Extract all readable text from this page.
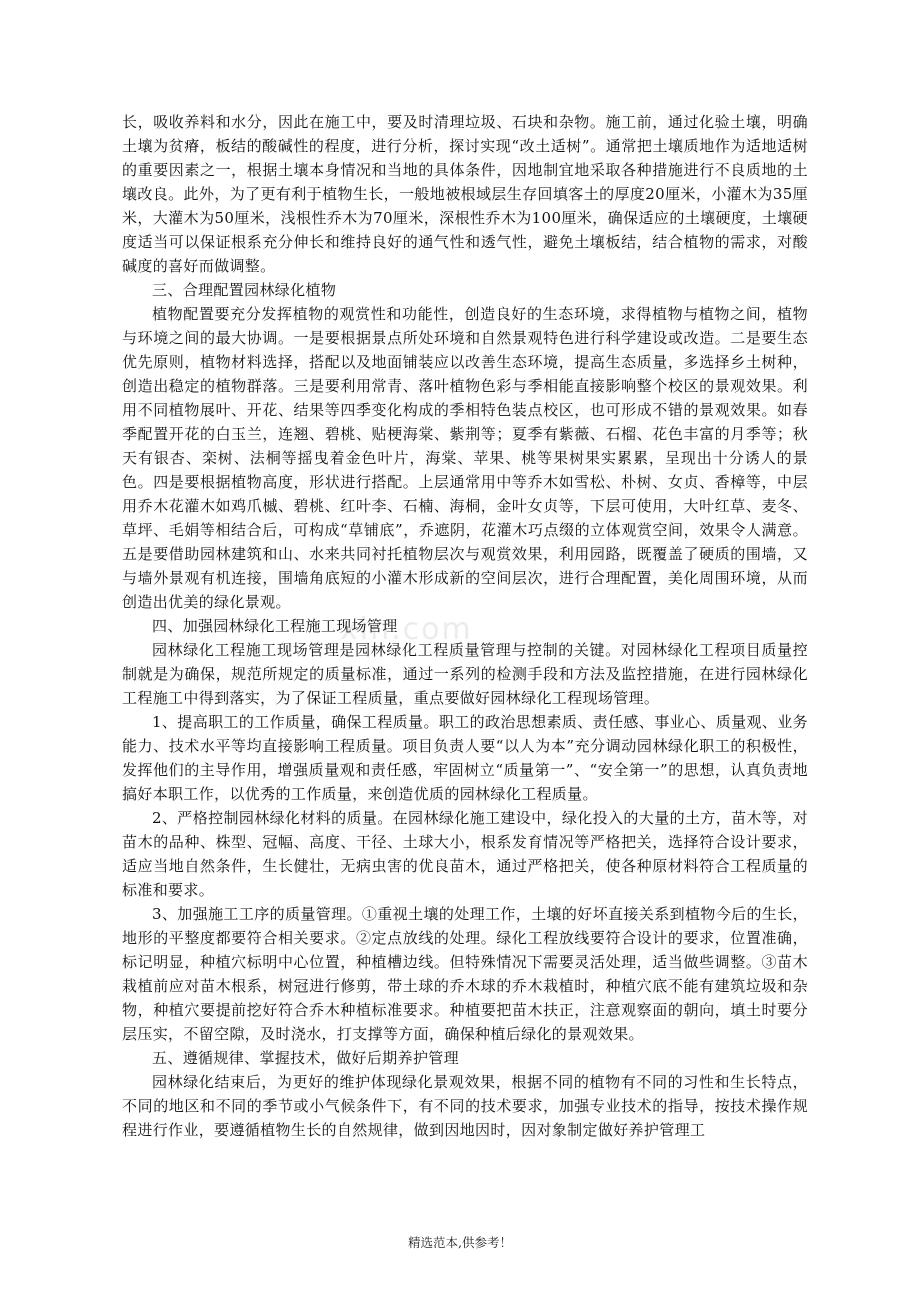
xin.com

长，吸收养料和水分，因此在施工中，要及时清理垃圾、石块和杂物。施工前，通过化验土壤，明确土壤为贫瘠，板结的酸碱性的程度，进行分析，探讨实现“改土适树”。通常把土壤质地作为适地适树的重要因素之一，根据土壤本身情况和当地的具体条件，因地制宜地采取各种措施进行不良质地的土壤改良。此外，为了更有利于植物生长，一般地被根域层生存回填客土的厚度20厘米，小灌木为35厘米，大灌木为50厘米，浅根性乔木为70厘米，深根性乔木为100厘米，确保适应的土壤硬度，土壤硬度适当可以保证根系充分伸长和维持良好的通气性和透气性，避免土壤板结，结合植物的需求，对酸碱度的喜好而做调整。

三、合理配置园林绿化植物

植物配置要充分发挥植物的观赏性和功能性，创造良好的生态环境，求得植物与植物之间，植物与环境之间的最大协调。一是要根据景点所处环境和自然景观特色进行科学建设或改造。二是要生态优先原则，植物材料选择，搭配以及地面铺装应以改善生态环境，提高生态质量，多选择乡土树种，创造出稳定的植物群落。三是要利用常青、落叶植物色彩与季相能直接影响整个校区的景观效果。利用不同植物展叶、开花、结果等四季变化构成的季相特色装点校区，也可形成不错的景观效果。如春季配置开花的白玉兰，连翘、碧桃、贴梗海棠、紫荆等；夏季有紫薇、石榴、花色丰富的月季等；秋天有银杏、栾树、法桐等摇曳着金色叶片，海棠、苹果、桃等果树果实累累，呈现出十分诱人的景色。四是要根据植物高度，形状进行搭配。上层通常用中等乔木如雪松、朴树、女贞、香樟等，中层用乔木花灌木如鸡爪槭、碧桃、红叶李、石楠、海桐，金叶女贞等，下层可使用，大叶红草、麦冬、草坪、毛娟等相结合后，可构成“草铺底”，乔遮阴，花灌木巧点缀的立体观赏空间，效果令人满意。五是要借助园林建筑和山、水来共同衬托植物层次与观赏效果，利用园路，既覆盖了硬质的围墙，又与墙外景观有机连接，围墙角底短的小灌木形成新的空间层次，进行合理配置，美化周围环境，从而创造出优美的绿化景观。

四、加强园林绿化工程施工现场管理

园林绿化工程施工现场管理是园林绿化工程质量管理与控制的关键。对园林绿化工程项目质量控制就是为确保，规范所规定的质量标准，通过一系列的检测手段和方法及监控措施，在进行园林绿化工程施工中得到落实，为了保证工程质量，重点要做好园林绿化工程现场管理。

1、提高职工的工作质量，确保工程质量。职工的政治思想素质、责任感、事业心、质量观、业务能力、技术水平等均直接影响工程质量。项目负责人要“以人为本”充分调动园林绿化职工的积极性，发挥他们的主导作用，增强质量观和责任感，牢固树立“质量第一”、“安全第一”的思想，认真负责地搞好本职工作，以优秀的工作质量，来创造优质的园林绿化工程质量。

2、严格控制园林绿化材料的质量。在园林绿化施工建设中，绿化投入的大量的土方，苗木等，对苗木的品种、株型、冠幅、高度、干径、土球大小，根系发育情况等严格把关，选择符合设计要求，适应当地自然条件，生长健壮，无病虫害的优良苗木，通过严格把关，使各种原材料符合工程质量的标准和要求。

3、加强施工工序的质量管理。①重视土壤的处理工作，土壤的好坏直接关系到植物今后的生长，地形的平整度都要符合相关要求。②定点放线的处理。绿化工程放线要符合设计的要求，位置准确，标记明显，种植穴标明中心位置，种植槽边线。但特殊情况下需要灵活处理，适当做些调整。③苗木栽植前应对苗木根系，树冠进行修剪，带土球的乔木球的乔木栽植时，种植穴底不能有建筑垃圾和杂物，种植穴要提前挖好符合乔木种植标准要求。种植要把苗木扶正，注意观察面的朝向，填土时要分层压实，不留空隙，及时浇水，打支撑等方面，确保种植后绿化的景观效果。

五、遵循规律、掌握技术，做好后期养护管理

园林绿化结束后，为更好的维护体现绿化景观效果，根据不同的植物有不同的习性和生长特点，不同的地区和不同的季节或小气候条件下，有不同的技术要求，加强专业技术的指导，按技术操作规程进行作业，要遵循植物生长的自然规律，做到因地因时，因对象制定做好养护管理工

精选范本,供参考！
